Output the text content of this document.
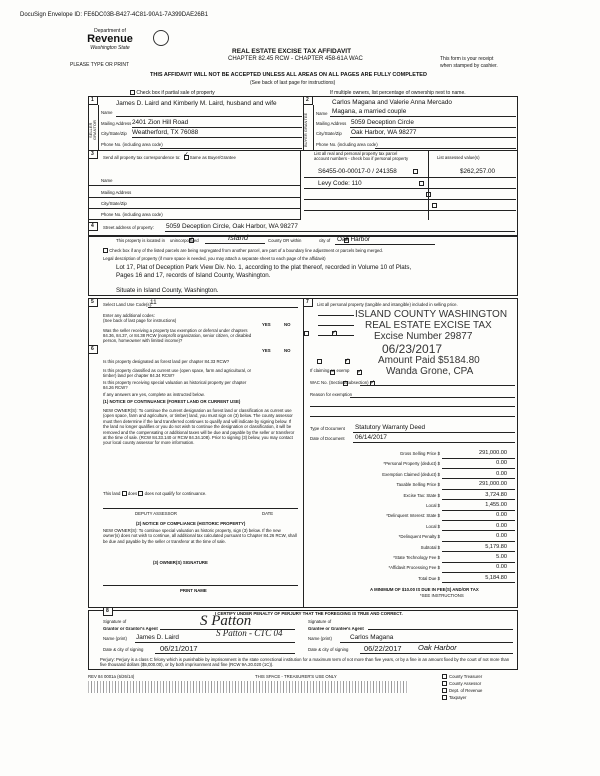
DocuSign Envelope ID: FE6DC03B-B427-4C81-90A1-7A399DAE26B1
Department of
Revenue
Washington State
PLEASE TYPE OR PRINT
REAL ESTATE EXCISE TAX AFFIDAVIT
CHAPTER 82.45 RCW - CHAPTER 458-61A WAC	This form is your receipt
when stamped by cashier.
THIS AFFIDAVIT WILL NOT BE ACCEPTED UNLESS ALL AREAS ON ALL PAGES ARE FULLY COMPLETED
(See back of last page for instructions)
Check box if partial sale of property	If multiple owners, list percentage of ownership next to name.
1
SELLER GRANTOR
Name
James D. Laird and Kimberly M. Laird, husband and wife
Mailing Address 2401 Zion Hill Road
City/State/Zip Weatherford, TX 76088
Phone No. (including area code)
2
BUYER GRANTEE
Carlos Magana and Valerie Anna Mercado
Name Magana, a married couple
Mailing Address 5059 Deception Circle
City/State/Zip Oak Harbor, WA 98277
Phone No. (including area code)
3
Send all property tax correspondence to: ✓ Same as Buyer/Grantee
Name
Mailing Address
City/State/Zip
Phone No. (including area code)
List all real and personal property tax parcel
account numbers - check box if personal property	List assessed value(s)
S6455-00-00017-0 / 241358
	$262,257.00
Levy Code: 110

4 Street address of property: 5059 Deception Circle, Oak Harbor, WA 98277
This property is located in ✓ unincorporated	Island	County OR within ✓	city of Oak Harbor
Check box if any of the listed parcels are being segregated from another parcel, are part of a boundary line adjustment or parcels being merged.
Legal description of property (if more space is needed, you may attach a separate sheet to each page of the affidavit)
Lot 17, Plat of Deception Park View Div. No. 1, according to the plat thereof, recorded in Volume 10 of Plats,
Pages 16 and 17, records of Island County, Washington.
Situate in Island County, Washington.
5 Select Land Use Code(s):
11
Enter any additional codes:
(See back of last page for instructions)
YES	NO
Was the seller receiving a property tax exemption or deferral under chapters 84.36, 84.37, or 84.38 RCW (nonprofit organization, senior citizen, or disabled person, homeowner with limited income)?
✓
6	YES	NO
Is this property designated as forest land per chapter 84.33 RCW?
✓
Is this property classified as current use (open space, farm and agricultural, or timber) land per chapter 84.34 RCW?
✓
Is this property receiving special valuation as historical property per chapter 84.26 RCW?
✓
If any answers are yes, complete as instructed below.
(1) NOTICE OF CONTINUANCE (FOREST LAND OR CURRENT USE)
NEW OWNER(S): To continue the current designation as forest land or classification as current use (open space, farm and agriculture, or timber) land, you must sign on (3) below. The county assessor must then determine if the land transferred continues to qualify and will indicate by signing below. If the land no longer qualifies or you do not wish to continue the designation or classification, it will be removed and the compensating or additional taxes will be due and payable by the seller or transferor at the time of sale. (RCW 84.33.140 or RCW 84.34.108). Prior to signing (3) below, you may contact your local county assessor for more information.
This land does does not qualify for continuance.
DEPUTY ASSESSOR	DATE
(2) NOTICE OF COMPLIANCE (HISTORIC PROPERTY)
NEW OWNER(S): To continue special valuation as historic property, sign (3) below. If the new owner(s) does not wish to continue, all additional tax calculated pursuant to Chapter 84.26 RCW, shall be due and payable by the seller or transferor at the time of sale.
(3) OWNER(S) SIGNATURE
PRINT NAME
7 List all personal property (tangible and intangible) included in selling price.
ISLAND COUNTY WASHINGTON
REAL ESTATE EXCISE TAX
Excise Number 29877
06/23/2017
Amount Paid $5184.80
Wanda Grone, CPA
If claiming an exemp
WAC No. (Section/Subsection)
Reason for exemption
Type of Document Statutory Warranty Deed
Date of Document 06/14/2017
Gross Selling Price $	291,000.00
*Personal Property (deduct) $	0.00
Exemption Claimed (deduct) $	0.00
Taxable Selling Price $	291,000.00
Excise Tax: State $	3,724.80
Local $	1,455.00
*Delinquent Interest: State $	0.00
Local $	0.00
*Delinquent Penalty $	0.00
Subtotal $	5,179.80
*State Technology Fee $	5.00
*Affidavit Processing Fee $	0.00
Total Due $	5,184.80
A MINIMUM OF $10.00 IS DUE IN FEE(S) AND/OR TAX
*SEE INSTRUCTIONS
8	I CERTIFY UNDER PENALTY OF PERJURY THAT THE FOREGOING IS TRUE AND CORRECT.
Signature of
Grantor or Grantor's Agent	S Patton
Name (print) James D. Laird	S Patton - CTC 04
Date & city of signing 06/21/2017
Signature of
Grantee or Grantee's Agent
Name (print)	Carlos Magana
Date & city of signing 06/22/2017 Oak Harbor
Perjury: Perjury is a class C felony which is punishable by imprisonment in the state correctional institution for a maximum term of not more than five years, or by a fine in an amount fixed by the court of not more than five thousand dollars ($5,000.00), or by both imprisonment and fine (RCW 9A.20.020 (1C)).
REV 84 0001a (6/26/14)	THIS SPACE - TREASURER'S USE ONLY	County Treasurer
County Assessor
Dept. of Revenue
Taxpayer
